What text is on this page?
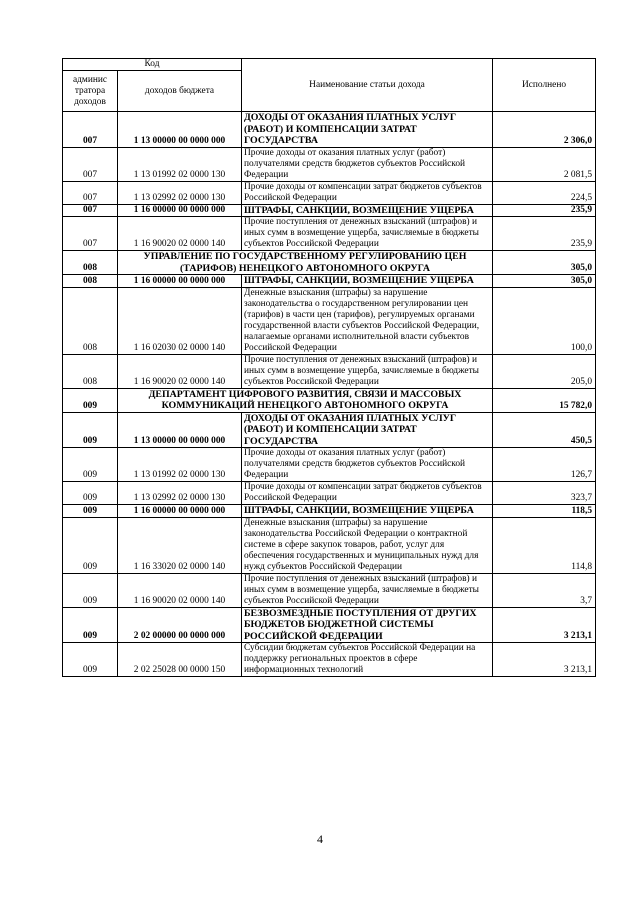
Код		Наименование статьи дохода	Исполнено
админис тратора доходов	доходов бюджета		
007	1 13 00000 00 0000 000	ДОХОДЫ ОТ ОКАЗАНИЯ ПЛАТНЫХ УСЛУГ (РАБОТ) И КОМПЕНСАЦИИ ЗАТРАТ ГОСУДАРСТВА	2 306,0
007	1 13 01992 02 0000 130	Прочие доходы от оказания платных услуг (работ) получателями средств бюджетов субъектов Российской Федерации	2 081,5
007	1 13 02992 02 0000 130	Прочие доходы от компенсации затрат бюджетов субъектов Российской Федерации	224,5
007	1 16 00000 00 0000 000	ШТРАФЫ, САНКЦИИ, ВОЗМЕЩЕНИЕ УЩЕРБА	235,9
007	1 16 90020 02 0000 140	Прочие поступления от денежных взысканий (штрафов) и иных сумм в возмещение ущерба, зачисляемые в бюджеты субъектов Российской Федерации	235,9
008	УПРАВЛЕНИЕ ПО ГОСУДАРСТВЕННОМУ РЕГУЛИРОВАНИЮ ЦЕН (ТАРИФОВ) НЕНЕЦКОГО АВТОНОМНОГО ОКРУГА		305,0
008	1 16 00000 00 0000 000	ШТРАФЫ, САНКЦИИ, ВОЗМЕЩЕНИЕ УЩЕРБА	305,0
008	1 16 02030 02 0000 140	Денежные взыскания (штрафы) за нарушение законодательства о государственном регулировании цен (тарифов) в части цен (тарифов), регулируемых органами государственной власти субъектов Российской Федерации, налагаемые органами исполнительной власти субъектов Российской Федерации	100,0
008	1 16 90020 02 0000 140	Прочие поступления от денежных взысканий (штрафов) и иных сумм в возмещение ущерба, зачисляемые в бюджеты субъектов Российской Федерации	205,0
009	ДЕПАРТАМЕНТ ЦИФРОВОГО РАЗВИТИЯ, СВЯЗИ И МАССОВЫХ КОММУНИКАЦИЙ НЕНЕЦКОГО АВТОНОМНОГО ОКРУГА		15 782,0
009	1 13 00000 00 0000 000	ДОХОДЫ ОТ ОКАЗАНИЯ ПЛАТНЫХ УСЛУГ (РАБОТ) И КОМПЕНСАЦИИ ЗАТРАТ ГОСУДАРСТВА	450,5
009	1 13 01992 02 0000 130	Прочие доходы от оказания платных услуг (работ) получателями средств бюджетов субъектов Российской Федерации	126,7
009	1 13 02992 02 0000 130	Прочие доходы от компенсации затрат бюджетов субъектов Российской Федерации	323,7
009	1 16 00000 00 0000 000	ШТРАФЫ, САНКЦИИ, ВОЗМЕЩЕНИЕ УЩЕРБА	118,5
009	1 16 33020 02 0000 140	Денежные взыскания (штрафы) за нарушение законодательства Российской Федерации о контрактной системе в сфере закупок товаров, работ, услуг для обеспечения государственных и муниципальных нужд для нужд субъектов Российской Федерации	114,8
009	1 16 90020 02 0000 140	Прочие поступления от денежных взысканий (штрафов) и иных сумм в возмещение ущерба, зачисляемые в бюджеты субъектов Российской Федерации	3,7
009	2 02 00000 00 0000 000	БЕЗВОЗМЕЗДНЫЕ ПОСТУПЛЕНИЯ ОТ ДРУГИХ БЮДЖЕТОВ БЮДЖЕТНОЙ СИСТЕМЫ РОССИЙСКОЙ ФЕДЕРАЦИИ	3 213,1
009	2 02 25028 00 0000 150	Субсидии бюджетам субъектов Российской Федерации на поддержку региональных проектов в сфере информационных технологий	3 213,1
4
